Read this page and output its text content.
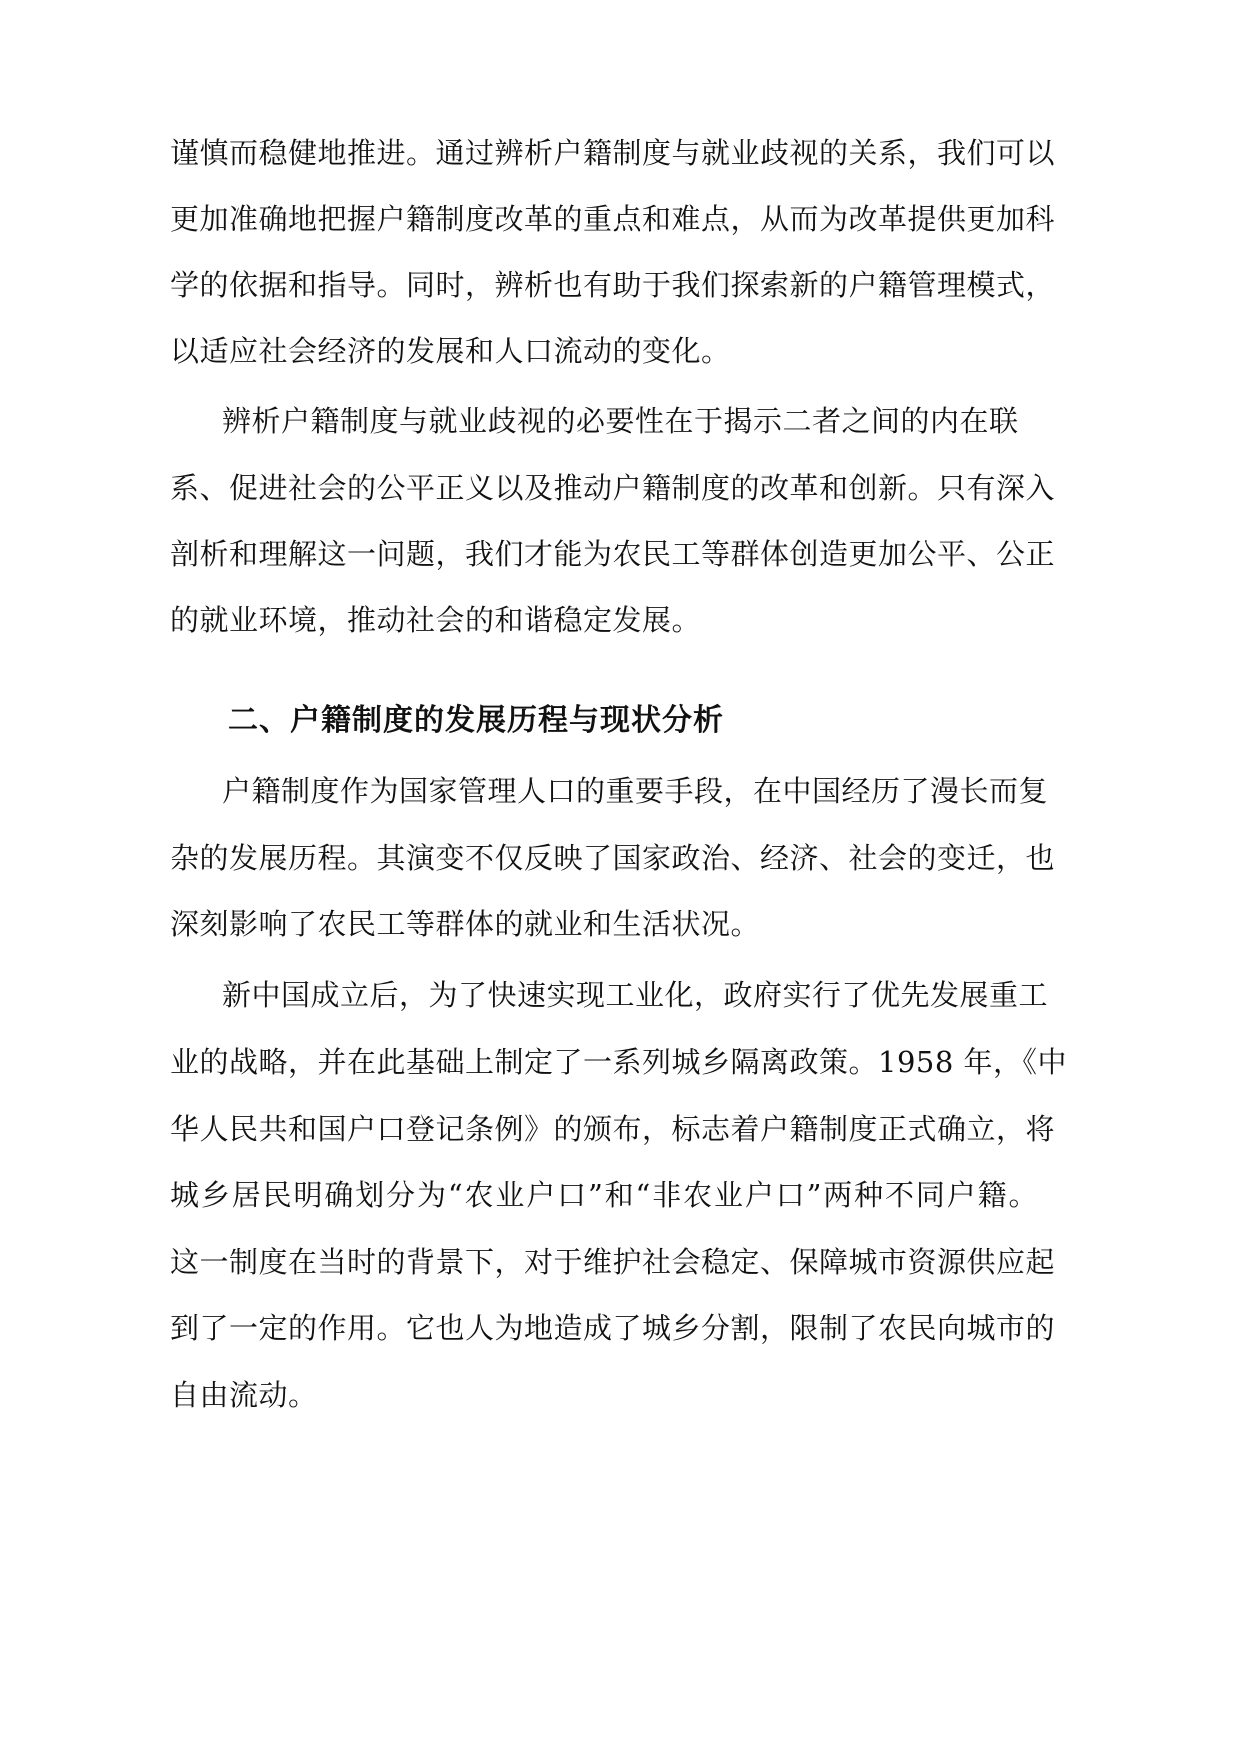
谨慎而稳健地推进。通过辨析户籍制度与就业歧视的关系，我们可以
更加准确地把握户籍制度改革的重点和难点，从而为改革提供更加科
学的依据和指导。同时，辨析也有助于我们探索新的户籍管理模式，
以适应社会经济的发展和人口流动的变化。
辨析户籍制度与就业歧视的必要性在于揭示二者之间的内在联
系、促进社会的公平正义以及推动户籍制度的改革和创新。只有深入
剖析和理解这一问题，我们才能为农民工等群体创造更加公平、公正
的就业环境，推动社会的和谐稳定发展。
二、户籍制度的发展历程与现状分析
户籍制度作为国家管理人口的重要手段，在中国经历了漫长而复
杂的发展历程。其演变不仅反映了国家政治、经济、社会的变迁，也
深刻影响了农民工等群体的就业和生活状况。
新中国成立后，为了快速实现工业化，政府实行了优先发展重工
业的战略，并在此基础上制定了一系列城乡隔离政策。1958 年，《中
华人民共和国户口登记条例》的颁布，标志着户籍制度正式确立，将
城乡居民明确划分为“农业户口”和“非农业户口”两种不同户籍。
这一制度在当时的背景下，对于维护社会稳定、保障城市资源供应起
到了一定的作用。它也人为地造成了城乡分割，限制了农民向城市的
自由流动。
